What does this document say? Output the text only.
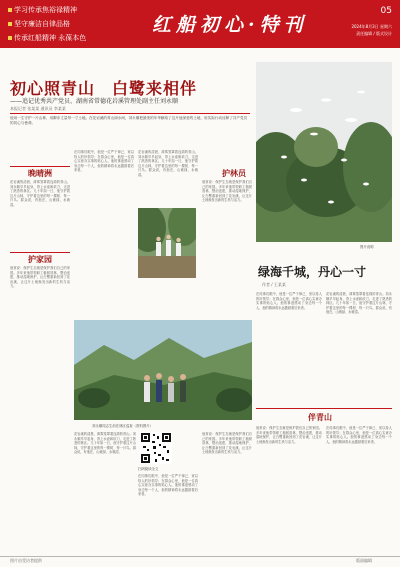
学习传承焦裕禄精神
坚守廉洁自律品格
传承红船精神 永葆本色
红船初心·特刊
05
2024年8月3日 星期六
责任编辑 / 版式设计
初心照青山　白鹭来相伴
——追记优秀共产党员、湖南省常德花岩溪管理处副主任刘永顺
本报记者 张某某 通讯员 李某某
他用一生守护一片山林，用脚步丈量每一寸土地。在花岩溪的青山绿水间，刘永顺把最美的年华献给了这片他深爱的土地，用实际行动诠释了共产党员的初心与使命。
图片说明
绿海千城，丹心一寸
作者 / 王某某
晚晴洲
花岩溪的清晨，薄雾笼罩着连绵的青山。刘永顺早早起身，背上水壶和砍刀，走进了熟悉的林区。几十年如一日，他守护着这片山林，守护着这里的每一棵树、每一只鸟。群众说，有他在，山就绿，水就清。
护家园
他常说：保护生态就是保护我们自己的家园。多年来他带领职工植树造林，整治违建，推动湿地保护，让白鹭重新回到了花岩溪，让这片土地焕发出新的生机与活力。
在同事们眼中，他是一位严于律己、宽以待人的好领导；在群众心里，他是一位真心实意办实事的贴心人。他的事迹感动了身边每一个人，他的精神将永远激励着后来者。
花岩溪的清晨，薄雾笼罩着连绵的青山。刘永顺早早起身，背上水壶和砍刀，走进了熟悉的林区。几十年如一日，他守护着这片山林，守护着这里的每一棵树、每一只鸟。群众说，有他在，山就绿，水就清。	护林员
他常说：保护生态就是保护我们自己的家园。多年来他带领职工植树造林，整治违建，推动湿地保护，让白鹭重新回到了花岩溪，让这片土地焕发出新的生机与活力。
刘永顺同志生前在林区巡查（资料图片）
扫码阅读全文
花岩溪的清晨，薄雾笼罩着连绵的青山。刘永顺早早起身，背上水壶和砍刀，走进了熟悉的林区。几十年如一日，他守护着这片山林，守护着这里的每一棵树、每一只鸟。群众说，有他在，山就绿，水就清。
在同事们眼中，他是一位严于律己、宽以待人的好领导；在群众心里，他是一位真心实意办实事的贴心人。他的事迹感动了身边每一个人，他的精神将永远激励着后来者。
他常说：保护生态就是保护我们自己的家园。多年来他带领职工植树造林，整治违建，推动湿地保护，让白鹭重新回到了花岩溪，让这片土地焕发出新的生机与活力。
在同事们眼中，他是一位严于律己、宽以待人的好领导；在群众心里，他是一位真心实意办实事的贴心人。他的事迹感动了身边每一个人，他的精神将永远激励着后来者。
花岩溪的清晨，薄雾笼罩着连绵的青山。刘永顺早早起身，背上水壶和砍刀，走进了熟悉的林区。几十年如一日，他守护着这片山林，守护着这里的每一棵树、每一只鸟。群众说，有他在，山就绿，水就清。
伴青山
他常说：保护生态就是保护我们自己的家园。多年来他带领职工植树造林，整治违建，推动湿地保护，让白鹭重新回到了花岩溪，让这片土地焕发出新的生机与活力。
在同事们眼中，他是一位严于律己、宽以待人的好领导；在群众心里，他是一位真心实意办实事的贴心人。他的事迹感动了身边每一个人，他的精神将永远激励着后来者。
图片由受访者提供	版面编辑
